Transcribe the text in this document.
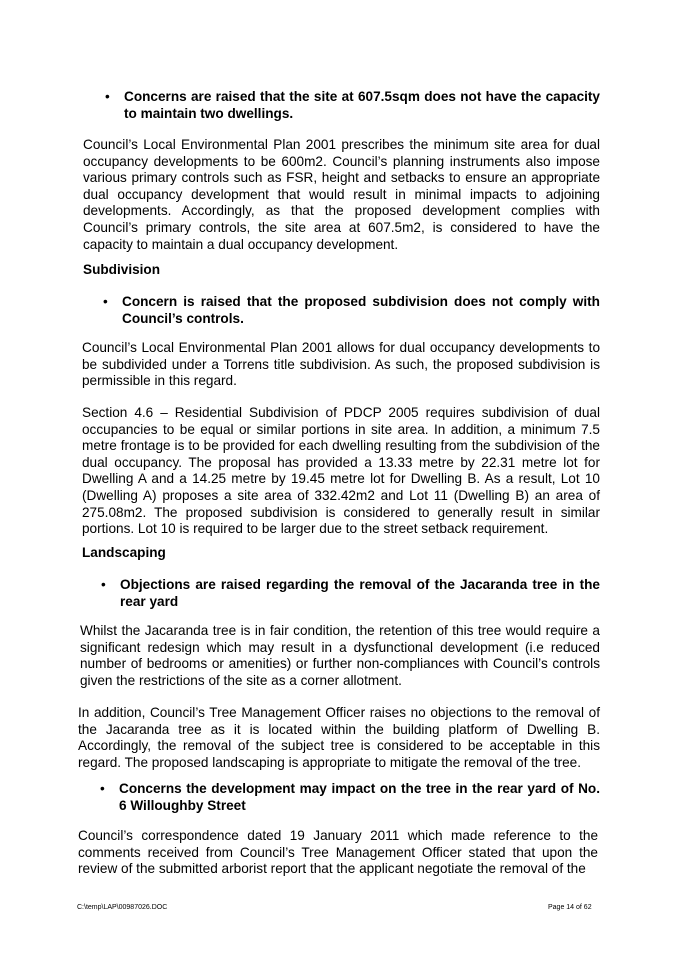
• Concerns are raised that the site at 607.5sqm does not have the capacity to maintain two dwellings.

Council’s Local Environmental Plan 2001 prescribes the minimum site area for dual occupancy developments to be 600m2. Council’s planning instruments also impose various primary controls such as FSR, height and setbacks to ensure an appropriate dual occupancy development that would result in minimal impacts to adjoining developments. Accordingly, as that the proposed development complies with Council’s primary controls, the site area at 607.5m2, is considered to have the capacity to maintain a dual occupancy development.

Subdivision

• Concern is raised that the proposed subdivision does not comply with Council’s controls.

Council’s Local Environmental Plan 2001 allows for dual occupancy developments to be subdivided under a Torrens title subdivision. As such, the proposed subdivision is permissible in this regard.

Section 4.6 – Residential Subdivision of PDCP 2005 requires subdivision of dual occupancies to be equal or similar portions in site area. In addition, a minimum 7.5 metre frontage is to be provided for each dwelling resulting from the subdivision of the dual occupancy. The proposal has provided a 13.33 metre by 22.31 metre lot for Dwelling A and a 14.25 metre by 19.45 metre lot for Dwelling B. As a result, Lot 10 (Dwelling A) proposes a site area of 332.42m2 and Lot 11 (Dwelling B) an area of 275.08m2. The proposed subdivision is considered to generally result in similar portions. Lot 10 is required to be larger due to the street setback requirement.

Landscaping

• Objections are raised regarding the removal of the Jacaranda tree in the rear yard

Whilst the Jacaranda tree is in fair condition, the retention of this tree would require a significant redesign which may result in a dysfunctional development (i.e reduced number of bedrooms or amenities) or further non-compliances with Council’s controls given the restrictions of the site as a corner allotment.

In addition, Council’s Tree Management Officer raises no objections to the removal of the Jacaranda tree as it is located within the building platform of Dwelling B. Accordingly, the removal of the subject tree is considered to be acceptable in this regard. The proposed landscaping is appropriate to mitigate the removal of the tree.

• Concerns the development may impact on the tree in the rear yard of No. 6 Willoughby Street

Council’s correspondence dated 19 January 2011 which made reference to the comments received from Council’s Tree Management Officer stated that upon the review of the submitted arborist report that the applicant negotiate the removal of the

C:\temp\LAP\00987026.DOC	Page 14 of 62
